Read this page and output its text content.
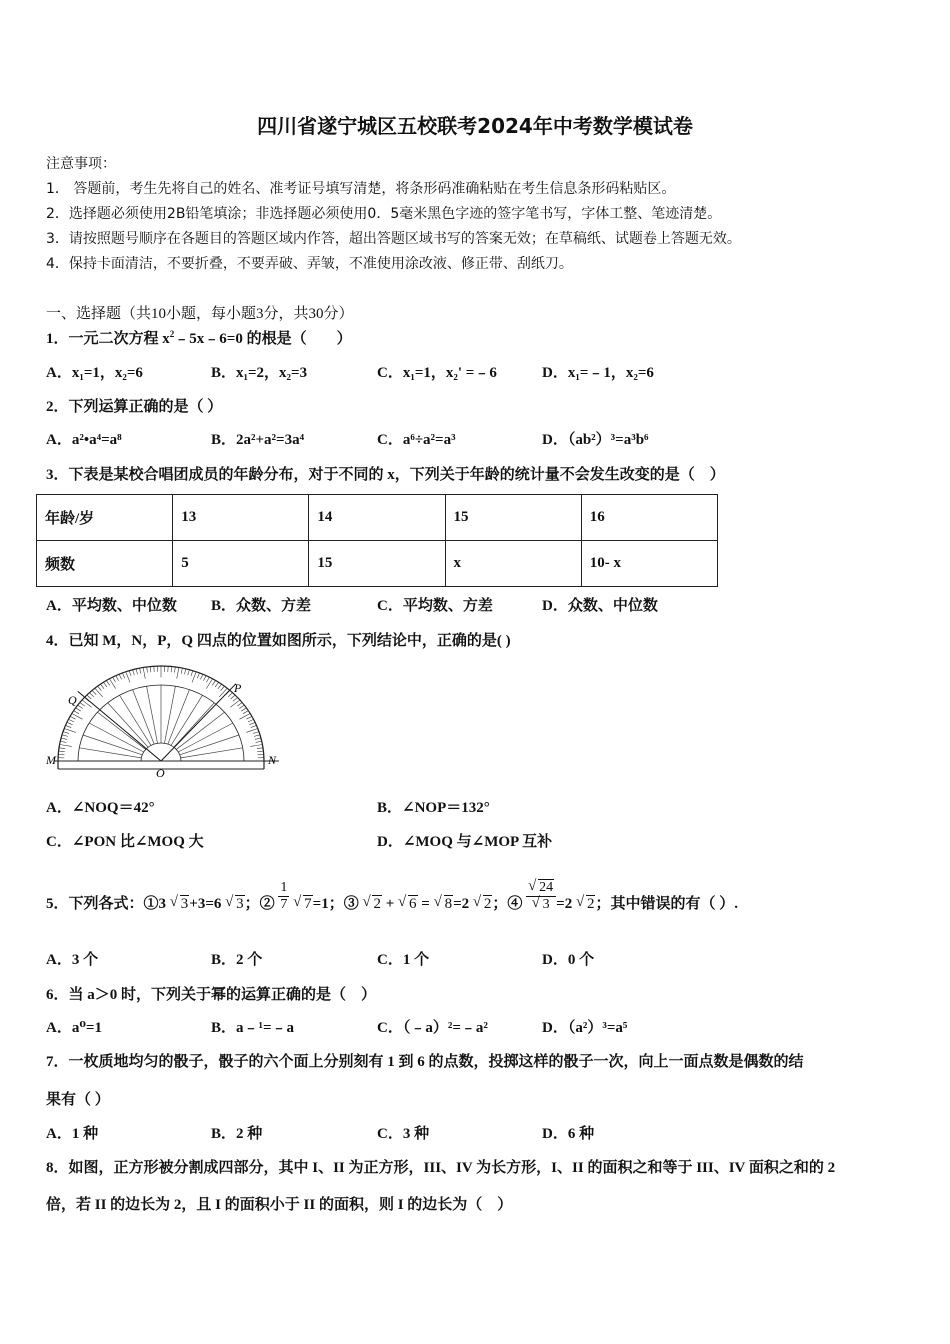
四川省遂宁城区五校联考2024年中考数学模试卷
注意事项：
1． 答题前，考生先将自己的姓名、准考证号填写清楚，将条形码准确粘贴在考生信息条形码粘贴区。
2．选择题必须使用2B铅笔填涂；非选择题必须使用0．5毫米黑色字迹的签字笔书写，字体工整、笔迹清楚。
3．请按照题号顺序在各题目的答题区域内作答，超出答题区域书写的答案无效；在草稿纸、试题卷上答题无效。
4．保持卡面清洁，不要折叠，不要弄破、弄皱，不准使用涂改液、修正带、刮纸刀。
一、选择题（共10小题，每小题3分，共30分）
1．一元二次方程 $x^2﹣5x﹣6=0$ 的根是（　　）
A．x₁=1，x₂=6	B．x₁=2，x₂=3	C．x₁=1，x₂' =﹣6	D．x₁=﹣1，x₂=6
2．下列运算正确的是（ ）
A．a²•a⁴=a⁸	B．2a²+a²=3a⁴	C．a⁶÷a²=a³	D．（ab²）³=a³b⁶
3．下表是某校合唱团成员的年龄分布，对于不同的 x，下列关于年龄的统计量不会发生改变的是（　）
年龄/岁	13	14	15	16
频数	5	15	x	10- x
A．平均数、中位数 B．众数、方差	C．平均数、方差	D．众数、中位数
4．已知 M，N，P，Q 四点的位置如图所示，下列结论中，正确的是( )
M	N
O
P
Q
A．∠NOQ＝42°	B．∠NOP＝132°
C．∠PON 比∠MOQ 大	D．∠MOQ 与∠MOP 互补
5．下列各式：①3 √ 3+3=6 √ 3；② $\frac{1}{7}$ √ 7=1；③ √ 2 + √ 6 = √ 8=2 √ 2；④ √ 24
√ 3 =2 √ 2；其中错误的有（ ）.
A．3 个	B．2 个	C．1 个	D．0 个
6．当 a＞0 时，下列关于幂的运算正确的是（　）
A．a⁰=1	B．a﹣¹=﹣a	C．（﹣a）²=﹣a²	D．（a²）³=a⁵
7．一枚质地均匀的骰子，骰子的六个面上分别刻有 1 到 6 的点数，投掷这样的骰子一次，向上一面点数是偶数的结
果有（ ）
A．1 种	B．2 种	C．3 种	D．6 种
8．如图，正方形被分割成四部分，其中 I、II 为正方形，III、IV 为长方形，I、II 的面积之和等于 III、IV 面积之和的 2
倍，若 II 的边长为 2，且 I 的面积小于 II 的面积，则 I 的边长为（　）
